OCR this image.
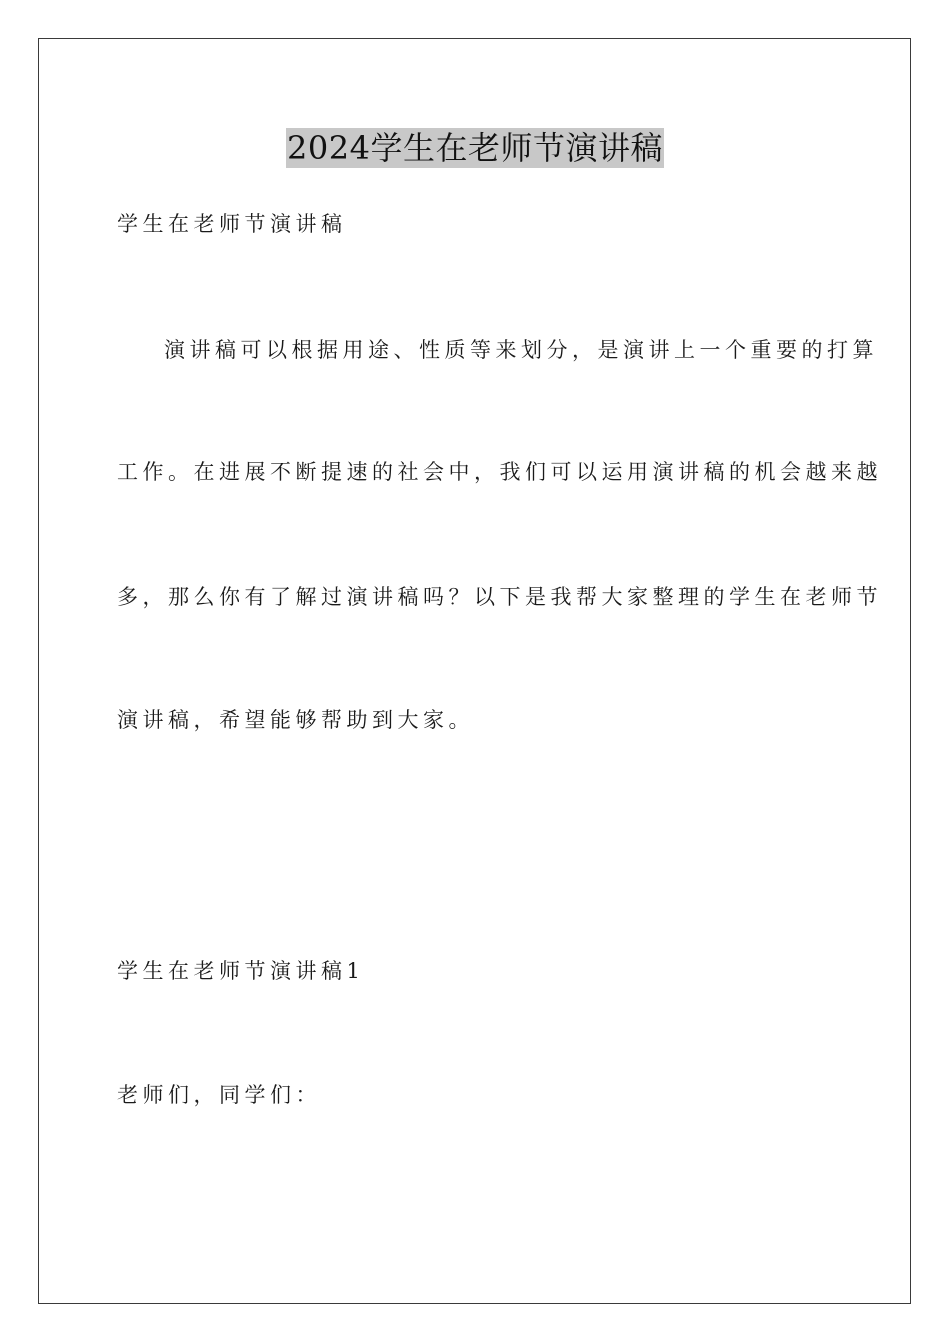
2024学生在老师节演讲稿
学生在老师节演讲稿
演讲稿可以根据用途、性质等来划分，是演讲上一个重要的打算
工作。在进展不断提速的社会中，我们可以运用演讲稿的机会越来越
多，那么你有了解过演讲稿吗？以下是我帮大家整理的学生在老师节
演讲稿，希望能够帮助到大家。
学生在老师节演讲稿1
老师们，同学们：
